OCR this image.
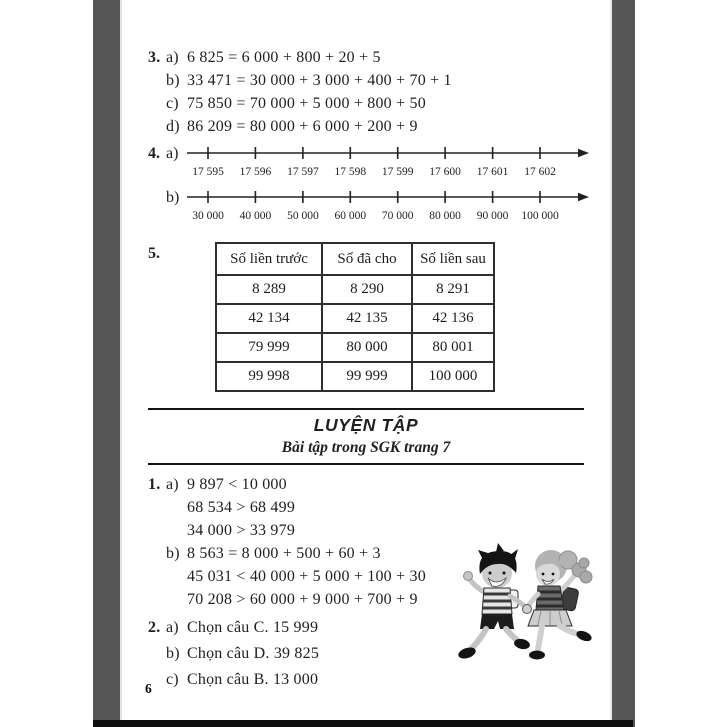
3. a) 6 825 = 6 000 + 800 + 20 + 5
b) 33 471 = 30 000 + 3 000 + 400 + 70 + 1
c) 75 850 = 70 000 + 5 000 + 800 + 50
d) 86 209 = 80 000 + 6 000 + 200 + 9
4. a)
17 595 17 596 17 597 17 598 17 599 17 600 17 601 17 602
b)
30 000 40 000 50 000 60 000 70 000 80 000 90 000 100 000
5.	Số liền trước	Số đã cho	Số liền sau
8 289	8 290	8 291
42 134	42 135	42 136
79 999	80 000	80 001
99 998	99 999	100 000
LUYỆN TẬP
Bài tập trong SGK trang 7
1. a) 9 897 < 10 000
68 534 > 68 499
34 000 > 33 979
b) 8 563 = 8 000 + 500 + 60 + 3
45 031 < 40 000 + 5 000 + 100 + 30
70 208 > 60 000 + 9 000 + 700 + 9
2. a) Chọn câu C. 15 999
b) Chọn câu D. 39 825
c) Chọn câu B. 13 000
6
